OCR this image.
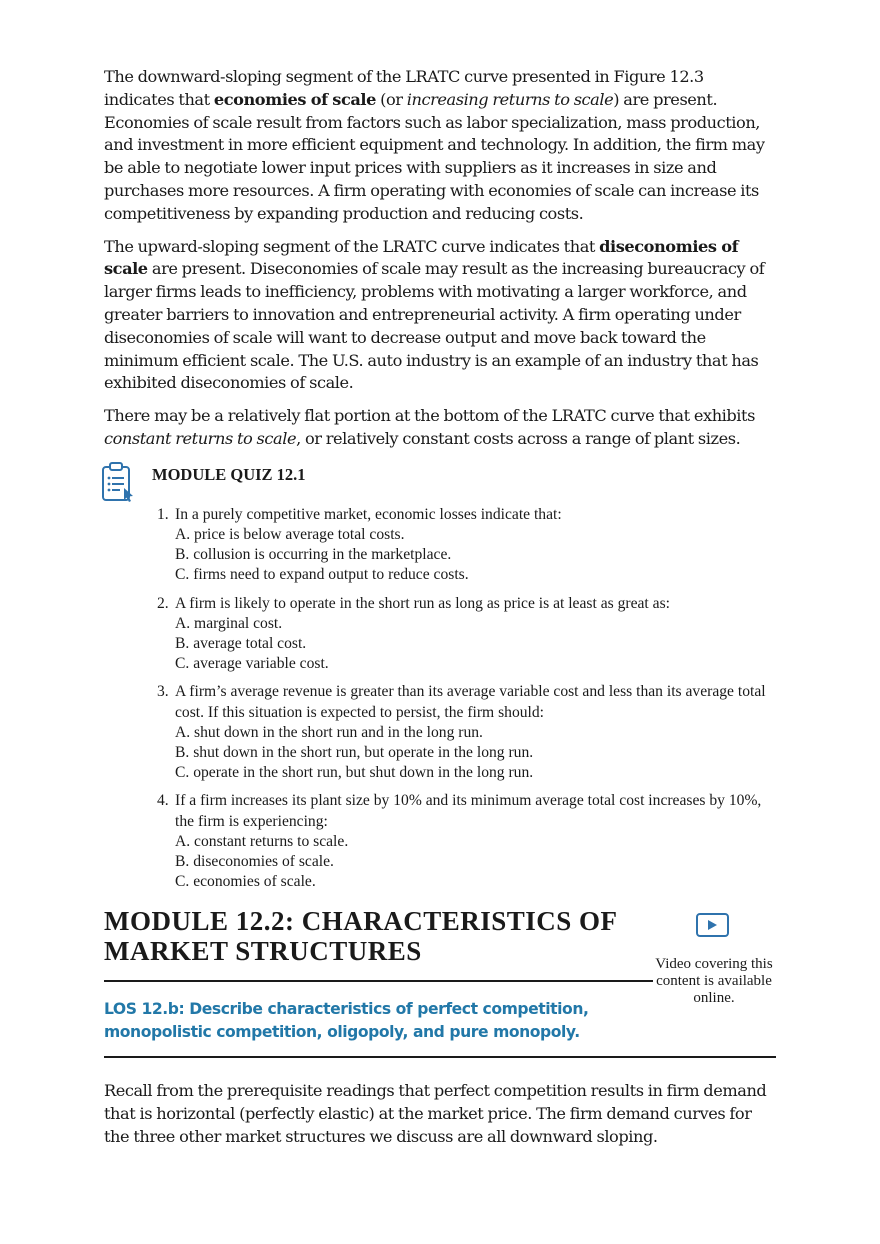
The downward-sloping segment of the LRATC curve presented in Figure 12.3 indicates that economies of scale (or increasing returns to scale) are present. Economies of scale result from factors such as labor specialization, mass production, and investment in more efficient equipment and technology. In addition, the firm may be able to negotiate lower input prices with suppliers as it increases in size and purchases more resources. A firm operating with economies of scale can increase its competitiveness by expanding production and reducing costs.

The upward-sloping segment of the LRATC curve indicates that diseconomies of scale are present. Diseconomies of scale may result as the increasing bureaucracy of larger firms leads to inefficiency, problems with motivating a larger workforce, and greater barriers to innovation and entrepreneurial activity. A firm operating under diseconomies of scale will want to decrease output and move back toward the minimum efficient scale. The U.S. auto industry is an example of an industry that has exhibited diseconomies of scale.

There may be a relatively flat portion at the bottom of the LRATC curve that exhibits constant returns to scale, or relatively constant costs across a range of plant sizes.

MODULE QUIZ 12.1
1. In a purely competitive market, economic losses indicate that:
A. price is below average total costs.
B. collusion is occurring in the marketplace.
C. firms need to expand output to reduce costs.
2. A firm is likely to operate in the short run as long as price is at least as great as:
A. marginal cost.
B. average total cost.
C. average variable cost.
3. A firm’s average revenue is greater than its average variable cost and less than its average total cost. If this situation is expected to persist, the firm should:
A. shut down in the short run and in the long run.
B. shut down in the short run, but operate in the long run.
C. operate in the short run, but shut down in the long run.
4. If a firm increases its plant size by 10% and its minimum average total cost increases by 10%, the firm is experiencing:
A. constant returns to scale.
B. diseconomies of scale.
C. economies of scale.
MODULE 12.2: CHARACTERISTICS OF MARKET STRUCTURES	Video covering this content is available online.
LOS 12.b: Describe characteristics of perfect competition, monopolistic competition, oligopoly, and pure monopoly.

Recall from the prerequisite readings that perfect competition results in firm demand that is horizontal (perfectly elastic) at the market price. The firm demand curves for the three other market structures we discuss are all downward sloping.
